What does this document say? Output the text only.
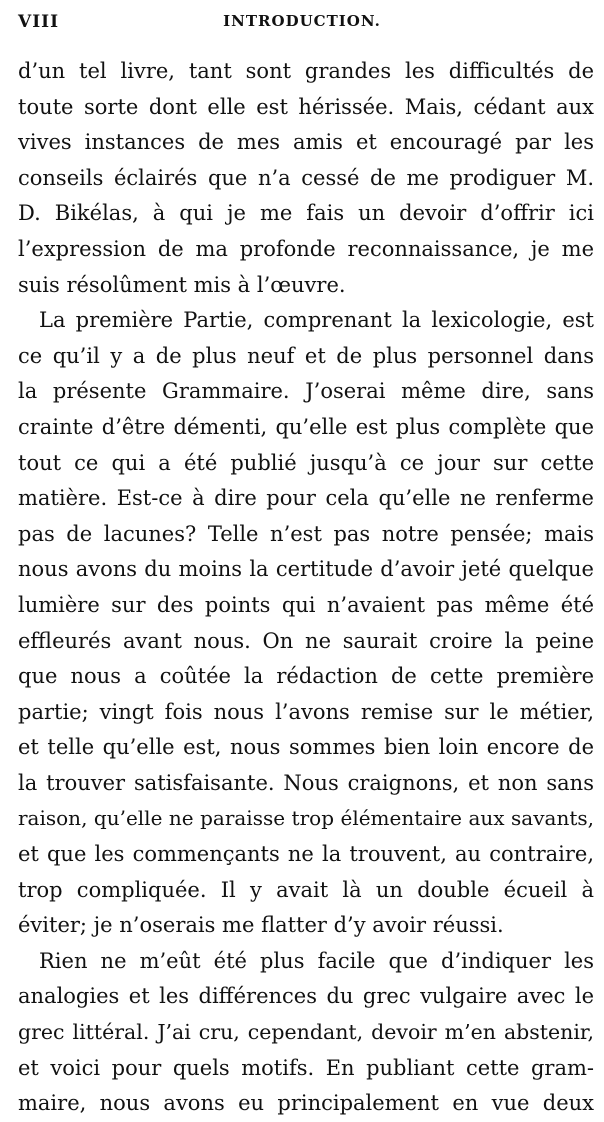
VIII	INTRODUCTION.
d’un tel livre, tant sont grandes les difficultés de
toute sorte dont elle est hérissée. Mais, cédant aux
vives instances de mes amis et encouragé par les
conseils éclairés que n’a cessé de me prodiguer M.
D. Bikélas, à qui je me fais un devoir d’offrir ici
l’expression de ma profonde reconnaissance, je me
suis résolûment mis à l’œuvre.
La première Partie, comprenant la lexicologie, est
ce qu’il y a de plus neuf et de plus personnel dans
la présente Grammaire. J’oserai même dire, sans
crainte d’être démenti, qu’elle est plus complète que
tout ce qui a été publié jusqu’à ce jour sur cette
matière. Est-ce à dire pour cela qu’elle ne renferme
pas de lacunes? Telle n’est pas notre pensée; mais
nous avons du moins la certitude d’avoir jeté quelque
lumière sur des points qui n’avaient pas même été
effleurés avant nous. On ne saurait croire la peine
que nous a coûtée la rédaction de cette première
partie; vingt fois nous l’avons remise sur le métier,
et telle qu’elle est, nous sommes bien loin encore de
la trouver satisfaisante. Nous craignons, et non sans
raison, qu’elle ne paraisse trop élémentaire aux savants,
et que les commençants ne la trouvent, au contraire,
trop compliquée. Il y avait là un double écueil à
éviter; je n’oserais me flatter d’y avoir réussi.
Rien ne m’eût été plus facile que d’indiquer les
analogies et les différences du grec vulgaire avec le
grec littéral. J’ai cru, cependant, devoir m’en abstenir,
et voici pour quels motifs. En publiant cette gram-
maire, nous avons eu principalement en vue deux
